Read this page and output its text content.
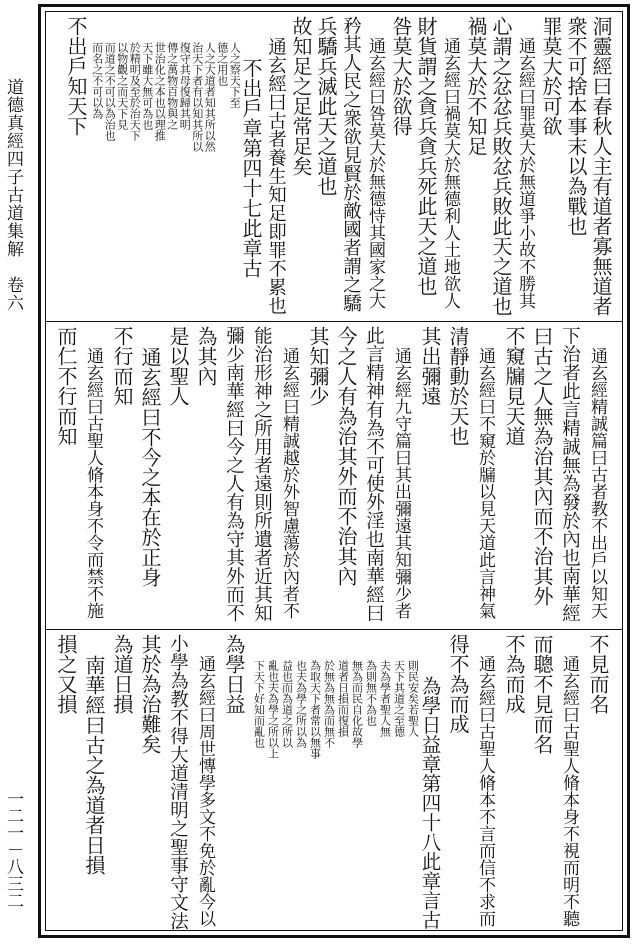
道德真經四子古道集解　卷六
一二一－八三二
洞靈經曰春秋人主有道者寡無道者
衆不可捨本事末以為戰也
罪莫大於可欲
通玄經曰罪莫大於無道爭小故不勝其
心謂之忿忿兵敗忿兵敗此天之道也
禍莫大於不知足
通玄經曰禍莫大於無德利人土地欲人
財貨謂之貪兵貪兵死此天之道也
咎莫大於欲得
通玄經曰咎莫大於無德恃其國家之大
矜其人民之衆欲見賢於敵國者謂之驕
兵驕兵滅此天之道也
故知足之足常足矣
通玄經曰古者養生知足即罪不累也
不出戶章第四十七此章古
人之察天下至
德之用也
人之大道者知其所以然
治天下者有以知其所以
復守其母復歸其明
傳之萬物百物與之
世治化之本也以理推
天下雖大無可為也
於精明及至於治天下
以物觀之而天下見
而道之不可以為治也
而名之不可以為
不出戶知天下
通玄經精誠篇曰古者教不出戶以知天
下治者此言精誠無為發於內也南華經
曰古之人無為治其內而不治其外
不窺牖見天道
通玄經曰不窺於牖以見天道此言神氣
清靜動於天也
其出彌遠
通玄經九守篇曰其出彌遠其知彌少者
此言精神有為不可使外淫也南華經曰
今之人有為治其外而不治其內
其知彌少
通玄經曰精誠越於外智慮蕩於內者不
能治形神之所用者遠則所遺者近其知
彌少南華經曰今之人有為守其外而不
為其內
是以聖人
通玄經曰不今之本在於正身
不行而知
通玄經曰古聖人脩本身不令而禁不施
而仁不行而知
不見而名
通玄經曰古聖人脩本身不視而明不聽
而聰不見而名
不為而成
通玄經曰古聖人脩本不言而信不求而
得不為而成
為學日益章第四十八此章言古
則民安矣若聖人
天下其道之至德
夫為學者聖人無
為則無不為也
無為而民自化故學
道者日損而復損
於無為無為而無不
為取天下者常以無事
也夫為學之所以為
益也而為道之所以
亂也夫為學之所以上
下天下好知而亂也
為學日益
通玄經曰周世慱學多文不免於亂今以
小學為教不得大道清明之聖事守文法
其於為治難矣
為道日損
南華經曰古之為道者日損
損之又損
